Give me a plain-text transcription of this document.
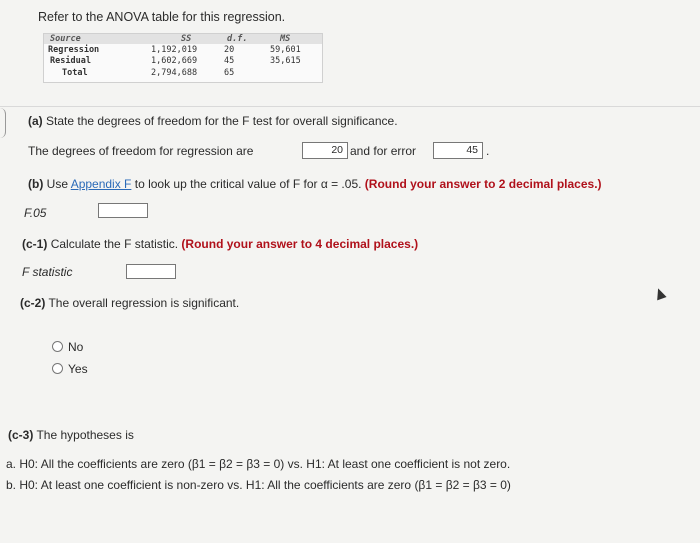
Refer to the ANOVA table for this regression.
Source	SS	d.f.	MS
Regression	1,192,019	20	59,601
Residual	1,602,669	45	35,615
Total	2,794,688	65
(a) State the degrees of freedom for the F test for overall significance.
The degrees of freedom for regression are	20 and for error	45 .
(b) Use Appendix F to look up the critical value of F for α = .05. (Round your answer to 2 decimal places.)
F.05
(c-1) Calculate the F statistic. (Round your answer to 4 decimal places.)
F statistic
(c-2) The overall regression is significant.
No
Yes
(c-3) The hypotheses is
a. H0: All the coefficients are zero (β1 = β2 = β3 = 0) vs. H1: At least one coefficient is not zero.
b. H0: At least one coefficient is non-zero vs. H1: All the coefficients are zero (β1 = β2 = β3 = 0)
